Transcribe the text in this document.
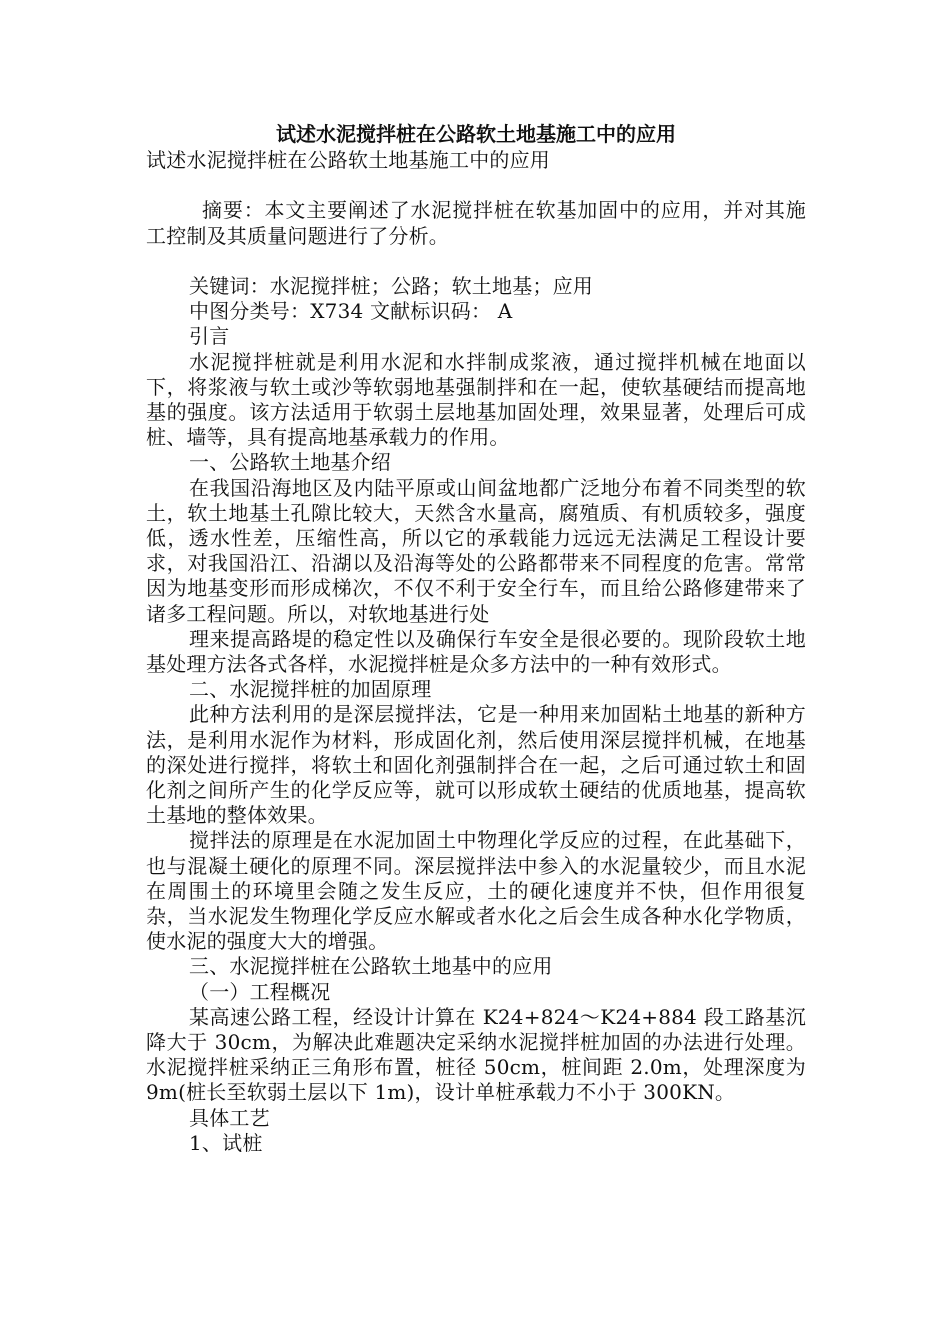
试述水泥搅拌桩在公路软土地基施工中的应用

试述水泥搅拌桩在公路软土地基施工中的应用

摘要：本文主要阐述了水泥搅拌桩在软基加固中的应用，并对其施工控制及其质量问题进行了分析。

关键词：水泥搅拌桩；公路；软土地基；应用

中图分类号：X734 文献标识码： A

引言

水泥搅拌桩就是利用水泥和水拌制成浆液，通过搅拌机械在地面以下，将浆液与软土或沙等软弱地基强制拌和在一起，使软基硬结而提高地基的强度。该方法适用于软弱土层地基加固处理，效果显著，处理后可成桩、墙等，具有提高地基承载力的作用。

一、公路软土地基介绍

在我国沿海地区及内陆平原或山间盆地都广泛地分布着不同类型的软土，软土地基土孔隙比较大，天然含水量高，腐殖质、有机质较多，强度低，透水性差，压缩性高，所以它的承载能力远远无法满足工程设计要求，对我国沿江、沿湖以及沿海等处的公路都带来不同程度的危害。常常因为地基变形而形成梯次，不仅不利于安全行车，而且给公路修建带来了诸多工程问题。所以，对软地基进行处

理来提高路堤的稳定性以及确保行车安全是很必要的。现阶段软土地基处理方法各式各样，水泥搅拌桩是众多方法中的一种有效形式。

二、水泥搅拌桩的加固原理

此种方法利用的是深层搅拌法，它是一种用来加固粘土地基的新种方法，是利用水泥作为材料，形成固化剂，然后使用深层搅拌机械，在地基的深处进行搅拌，将软土和固化剂强制拌合在一起，之后可通过软土和固化剂之间所产生的化学反应等，就可以形成软土硬结的优质地基，提高软土基地的整体效果。

搅拌法的原理是在水泥加固土中物理化学反应的过程，在此基础下，也与混凝土硬化的原理不同。深层搅拌法中参入的水泥量较少，而且水泥在周围土的环境里会随之发生反应，土的硬化速度并不快，但作用很复杂，当水泥发生物理化学反应水解或者水化之后会生成各种水化学物质，使水泥的强度大大的增强。

三、水泥搅拌桩在公路软土地基中的应用

（一）工程概况

某高速公路工程，经设计计算在 K24+824～K24+884 段工路基沉降大于 30cm，为解决此难题决定采纳水泥搅拌桩加固的办法进行处理。水泥搅拌桩采纳正三角形布置，桩径 50cm，桩间距 2.0m，处理深度为 9m(桩长至软弱土层以下 1m)，设计单桩承载力不小于 300KN。

具体工艺

1、试桩
